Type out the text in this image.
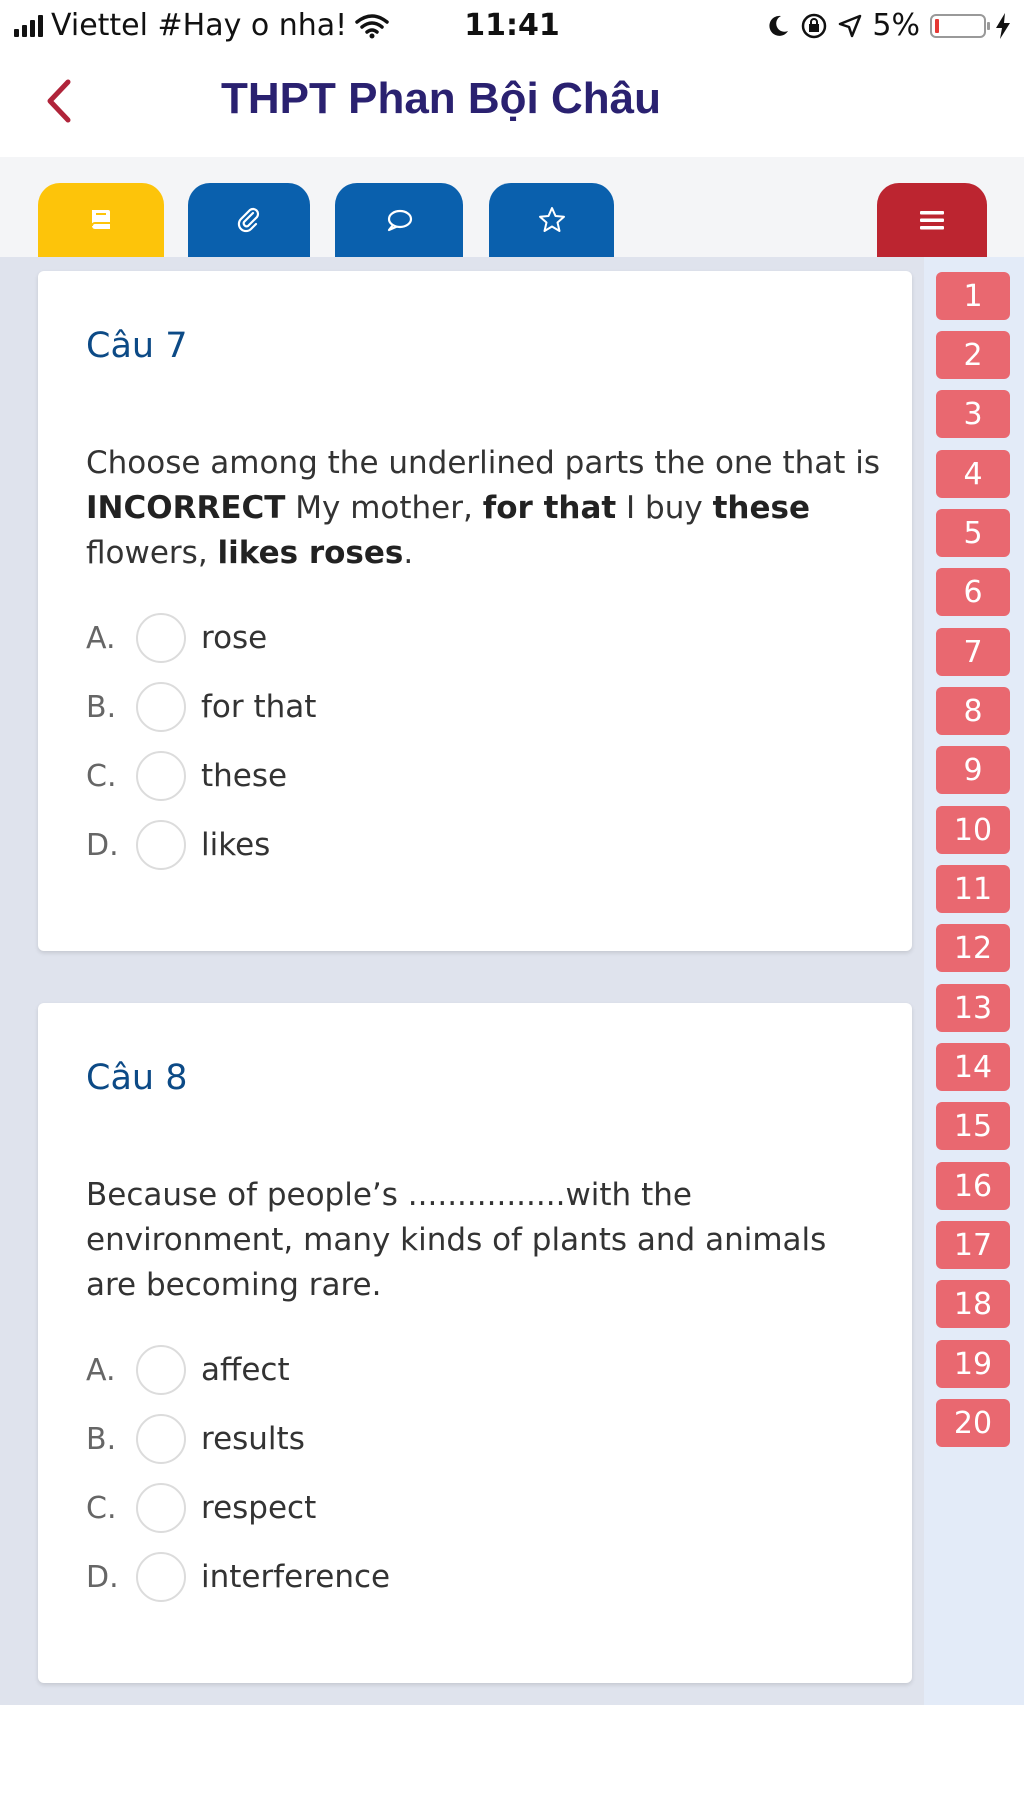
Viettel #Hay o nha!	11:41	5%
THPT Phan Bội Châu
Câu 7
Choose among the underlined parts the one that is INCORRECT My mother, for that I buy these flowers, likes roses.
A.	rose
B.	for that
C.	these
D.	likes
Câu 8
Because of people’s ................with the environment, many kinds of plants and animals are becoming rare.
A.	affect
B.	results
C.	respect
D.	interference
1
2
3
4
5
6
7
8
9
10
11
12
13
14
15
16
17
18
19
20
